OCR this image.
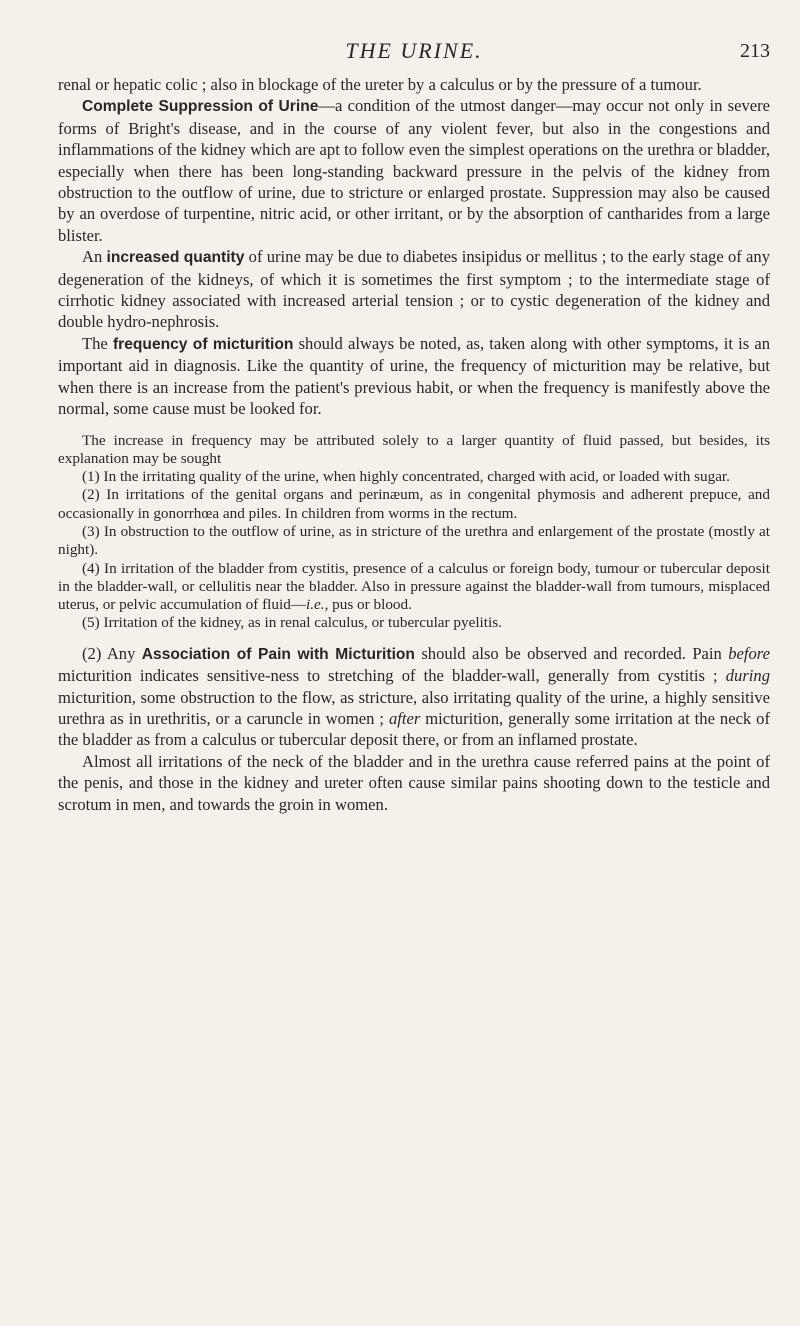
THE URINE.	213

renal or hepatic colic ; also in blockage of the ureter by a calculus or by the pressure of a tumour.

Complete Suppression of Urine—a condition of the utmost danger—may occur not only in severe forms of Bright's disease, and in the course of any violent fever, but also in the congestions and inflammations of the kidney which are apt to follow even the simplest operations on the urethra or bladder, especially when there has been long-standing backward pressure in the pelvis of the kidney from obstruction to the outflow of urine, due to stricture or enlarged prostate. Suppression may also be caused by an overdose of turpentine, nitric acid, or other irritant, or by the absorption of cantharides from a large blister.

An increased quantity of urine may be due to diabetes insipidus or mellitus ; to the early stage of any degeneration of the kidneys, of which it is sometimes the first symptom ; to the intermediate stage of cirrhotic kidney associated with increased arterial tension ; or to cystic degeneration of the kidney and double hydro-nephrosis.

The frequency of micturition should always be noted, as, taken along with other symptoms, it is an important aid in diagnosis. Like the quantity of urine, the frequency of micturition may be relative, but when there is an increase from the patient's previous habit, or when the frequency is manifestly above the normal, some cause must be looked for.

The increase in frequency may be attributed solely to a larger quantity of fluid passed, but besides, its explanation may be sought

(1) In the irritating quality of the urine, when highly concentrated, charged with acid, or loaded with sugar.

(2) In irritations of the genital organs and perinæum, as in congenital phymosis and adherent prepuce, and occasionally in gonorrhœa and piles. In children from worms in the rectum.

(3) In obstruction to the outflow of urine, as in stricture of the urethra and enlargement of the prostate (mostly at night).

(4) In irritation of the bladder from cystitis, presence of a calculus or foreign body, tumour or tubercular deposit in the bladder-wall, or cellulitis near the bladder. Also in pressure against the bladder-wall from tumours, misplaced uterus, or pelvic accumulation of fluid—i.e., pus or blood.

(5) Irritation of the kidney, as in renal calculus, or tubercular pyelitis.

(2) Any Association of Pain with Micturition should also be observed and recorded. Pain before micturition indicates sensitive-ness to stretching of the bladder-wall, generally from cystitis ; during micturition, some obstruction to the flow, as stricture, also irritating quality of the urine, a highly sensitive urethra as in urethritis, or a caruncle in women ; after micturition, generally some irritation at the neck of the bladder as from a calculus or tubercular deposit there, or from an inflamed prostate.

Almost all irritations of the neck of the bladder and in the urethra cause referred pains at the point of the penis, and those in the kidney and ureter often cause similar pains shooting down to the testicle and scrotum in men, and towards the groin in women.
